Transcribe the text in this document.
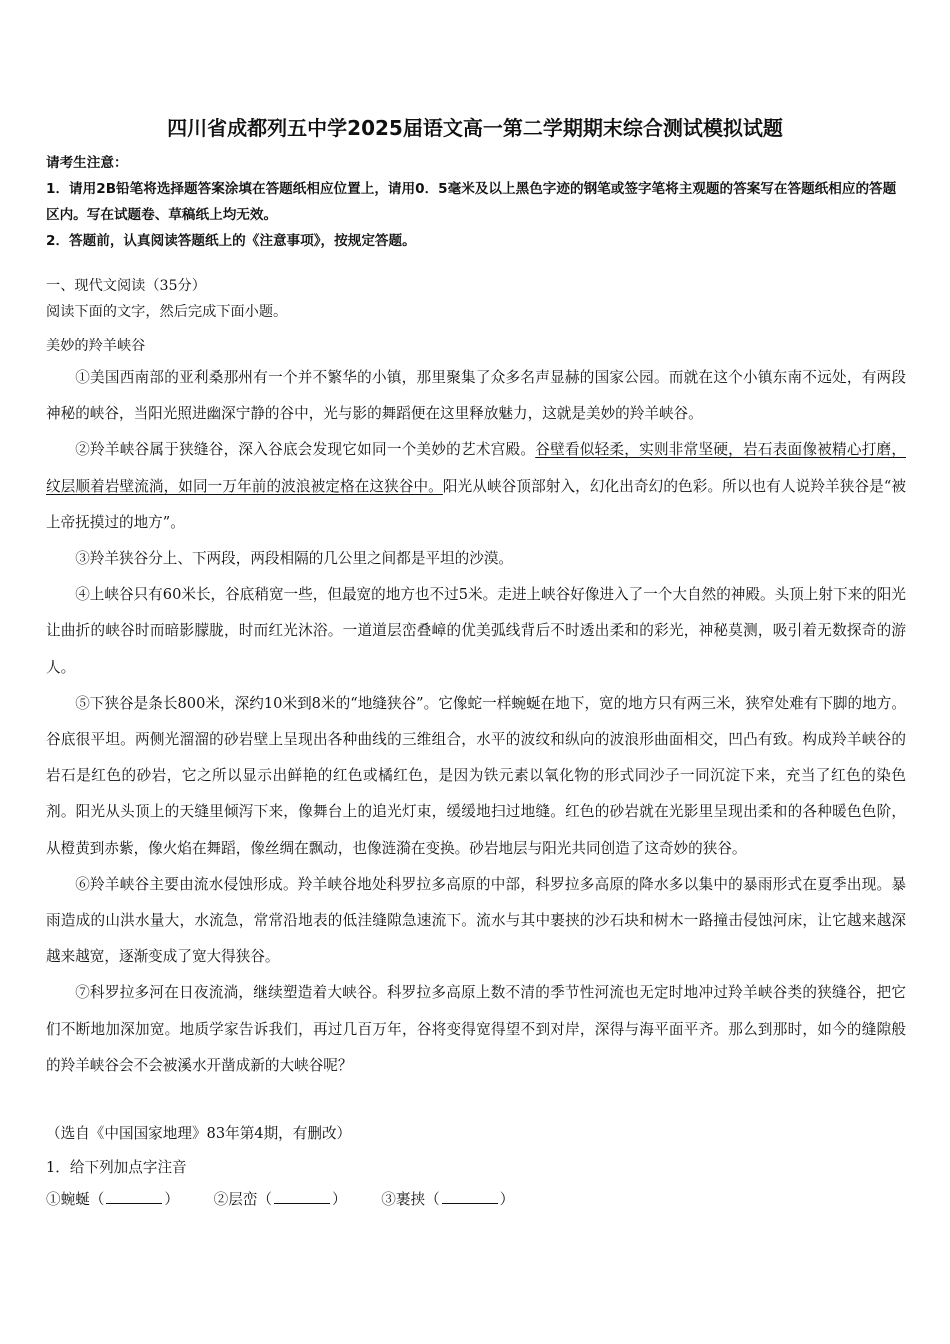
四川省成都列五中学2025届语文高一第二学期期末综合测试模拟试题

请考生注意：

1．请用2B铅笔将选择题答案涂填在答题纸相应位置上，请用0．5毫米及以上黑色字迹的钢笔或签字笔将主观题的答案写在答题纸相应的答题区内。写在试题卷、草稿纸上均无效。

2．答题前，认真阅读答题纸上的《注意事项》，按规定答题。

一、现代文阅读（35分）
阅读下面的文字，然后完成下面小题。
美妙的羚羊峡谷

①美国西南部的亚利桑那州有一个并不繁华的小镇，那里聚集了众多名声显赫的国家公园。而就在这个小镇东南不远处，有两段神秘的峡谷，当阳光照进幽深宁静的谷中，光与影的舞蹈便在这里释放魅力，这就是美妙的羚羊峡谷。

②羚羊峡谷属于狭缝谷，深入谷底会发现它如同一个美妙的艺术宫殿。谷壁看似轻柔，实则非常坚硬，岩石表面像被精心打磨，纹层顺着岩壁流淌，如同一万年前的波浪被定格在这狭谷中。阳光从峡谷顶部射入，幻化出奇幻的色彩。所以也有人说羚羊狭谷是“被上帝抚摸过的地方”。

③羚羊狭谷分上、下两段，两段相隔的几公里之间都是平坦的沙漠。

④上峡谷只有60米长，谷底稍宽一些，但最宽的地方也不过5米。走进上峡谷好像进入了一个大自然的神殿。头顶上射下来的阳光让曲折的峡谷时而暗影朦胧，时而红光沐浴。一道道层峦叠嶂的优美弧线背后不时透出柔和的彩光，神秘莫测，吸引着无数探奇的游人。

⑤下狭谷是条长800米，深约10米到8米的“地缝狭谷”。它像蛇一样蜿蜒在地下，宽的地方只有两三米，狭窄处难有下脚的地方。谷底很平坦。两侧光溜溜的砂岩壁上呈现出各种曲线的三维组合，水平的波纹和纵向的波浪形曲面相交，凹凸有致。构成羚羊峡谷的岩石是红色的砂岩，它之所以显示出鲜艳的红色或橘红色，是因为铁元素以氧化物的形式同沙子一同沉淀下来，充当了红色的染色剂。阳光从头顶上的天缝里倾泻下来，像舞台上的追光灯束，缓缓地扫过地缝。红色的砂岩就在光影里呈现出柔和的各种暖色色阶，从橙黄到赤紫，像火焰在舞蹈，像丝绸在飘动，也像涟漪在变换。砂岩地层与阳光共同创造了这奇妙的狭谷。

⑥羚羊峡谷主要由流水侵蚀形成。羚羊峡谷地处科罗拉多高原的中部，科罗拉多高原的降水多以集中的暴雨形式在夏季出现。暴雨造成的山洪水量大，水流急，常常沿地表的低洼缝隙急速流下。流水与其中裹挟的沙石块和树木一路撞击侵蚀河床，让它越来越深越来越宽，逐渐变成了宽大得狭谷。

⑦科罗拉多河在日夜流淌，继续塑造着大峡谷。科罗拉多高原上数不清的季节性河流也无定时地冲过羚羊峡谷类的狭缝谷，把它们不断地加深加宽。地质学家告诉我们，再过几百万年，谷将变得宽得望不到对岸，深得与海平面平齐。那么到那时，如今的缝隙般的羚羊峡谷会不会被溪水开凿成新的大峡谷呢？

（选自《中国国家地理》83年第4期，有删改）
1．给下列加点字注音
①蜿蜒（	） ②层峦（	） ③裹挟（	）
